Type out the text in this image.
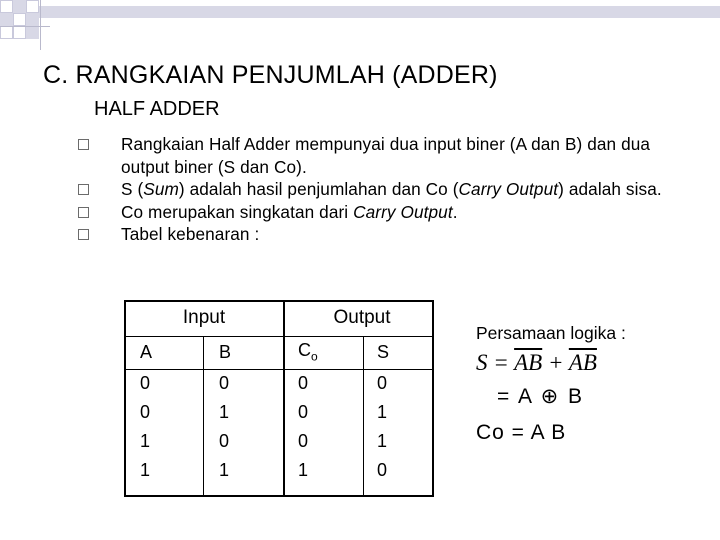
C. RANGKAIAN PENJUMLAH (ADDER)
HALF ADDER
Rangkaian Half Adder mempunyai dua input biner (A dan B) dan dua output biner (S dan Co).
S (Sum) adalah hasil penjumlahan dan Co (Carry Output) adalah sisa.
Co merupakan singkatan dari Carry Output.
Tabel kebenaran :
Input		Output	
A	B	$C_o$	S
0	0	0	0
0	1	0	1
1	0	0	1
1	1	1	0
Persamaan logika :
$S = \overline{AB} + \overline{AB}$
= A ⊕ B
Co = A B
